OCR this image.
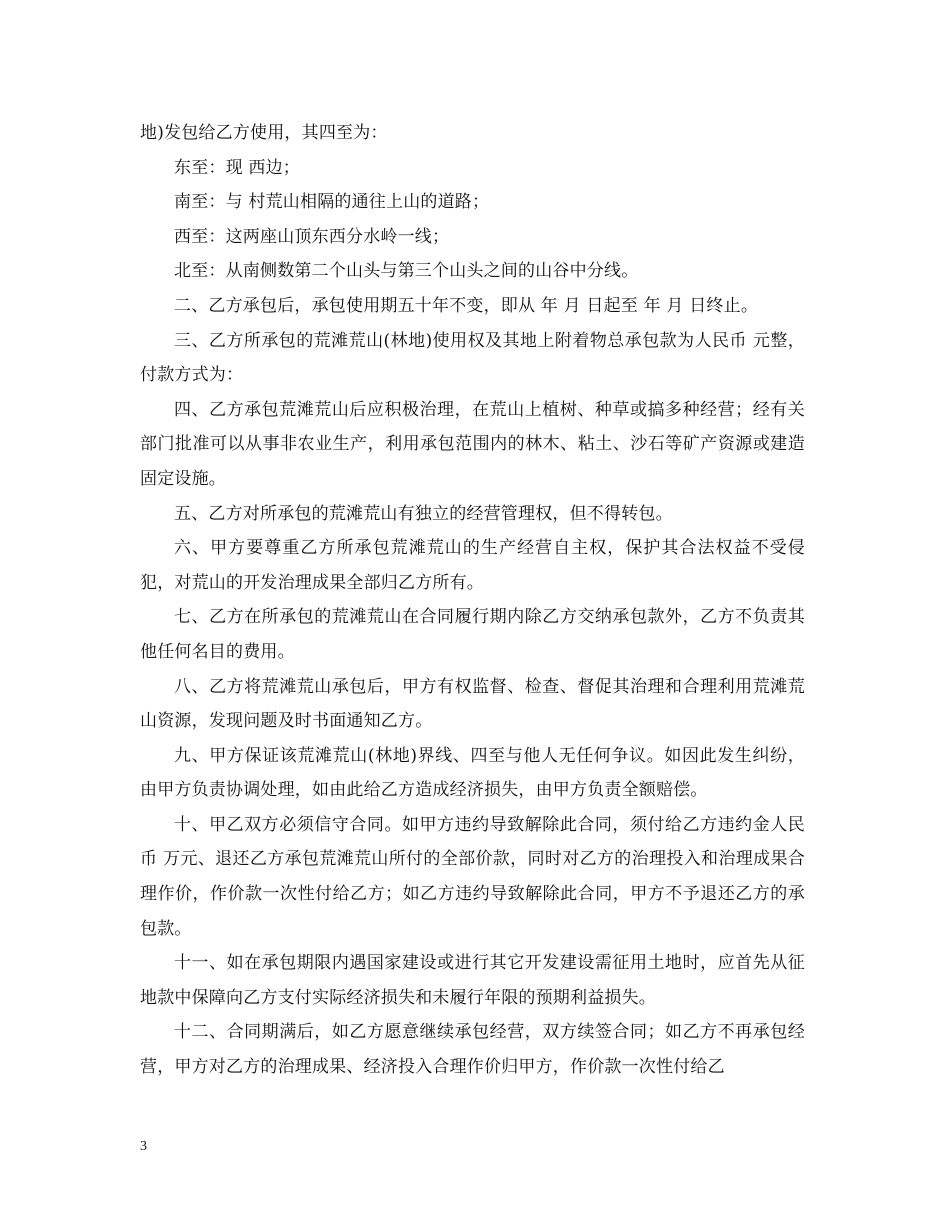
地)发包给乙方使用，其四至为：

东至：现 西边；

南至：与 村荒山相隔的通往上山的道路；

西至：这两座山顶东西分水岭一线；

北至：从南侧数第二个山头与第三个山头之间的山谷中分线。

二、乙方承包后，承包使用期五十年不变，即从 年 月 日起至 年 月 日终止。

三、乙方所承包的荒滩荒山(林地)使用权及其地上附着物总承包款为人民币 元整，付款方式为：

四、乙方承包荒滩荒山后应积极治理，在荒山上植树、种草或搞多种经营；经有关部门批准可以从事非农业生产，利用承包范围内的林木、粘土、沙石等矿产资源或建造固定设施。

五、乙方对所承包的荒滩荒山有独立的经营管理权，但不得转包。

六、甲方要尊重乙方所承包荒滩荒山的生产经营自主权，保护其合法权益不受侵犯，对荒山的开发治理成果全部归乙方所有。

七、乙方在所承包的荒滩荒山在合同履行期内除乙方交纳承包款外，乙方不负责其他任何名目的费用。

八、乙方将荒滩荒山承包后，甲方有权监督、检查、督促其治理和合理利用荒滩荒山资源，发现问题及时书面通知乙方。

九、甲方保证该荒滩荒山(林地)界线、四至与他人无任何争议。如因此发生纠纷，由甲方负责协调处理，如由此给乙方造成经济损失，由甲方负责全额赔偿。

十、甲乙双方必须信守合同。如甲方违约导致解除此合同，须付给乙方违约金人民币 万元、退还乙方承包荒滩荒山所付的全部价款，同时对乙方的治理投入和治理成果合理作价，作价款一次性付给乙方；如乙方违约导致解除此合同，甲方不予退还乙方的承包款。

十一、如在承包期限内遇国家建设或进行其它开发建设需征用土地时，应首先从征地款中保障向乙方支付实际经济损失和未履行年限的预期利益损失。

十二、合同期满后，如乙方愿意继续承包经营，双方续签合同；如乙方不再承包经营，甲方对乙方的治理成果、经济投入合理作价归甲方，作价款一次性付给乙

3
